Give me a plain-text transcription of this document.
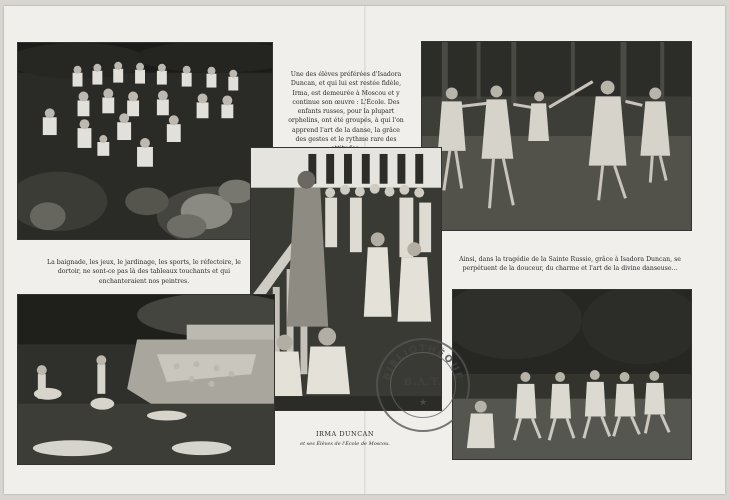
Une des élèves préférées d'Isadora Duncan, et qui lui est restée fidèle, Irma, est demeurée à Moscou et y continue son œuvre : L'École. Des enfants russes, pour la plupart orphelins, ont été groupés, à qui l'on apprend l'art de la danse, la grâce des gestes et le rythme rare des

La baignade, les jeux, le jardinage, les sports, le réfectoire, le dortoir, ne sont-ce pas là des tableaux touchants et qui enchanteraient nos peintres.

Ainsi, dans la tragédie de la Sainte Russie, grâce à Isadora Duncan, se perpétuent de la douceur, du charme et l'art de la divine danseuse...

IRMA DUNCAN

et ses Élèves de l'École de Moscou.

BIBLIOTHÈQUE
B.A.T.
★
